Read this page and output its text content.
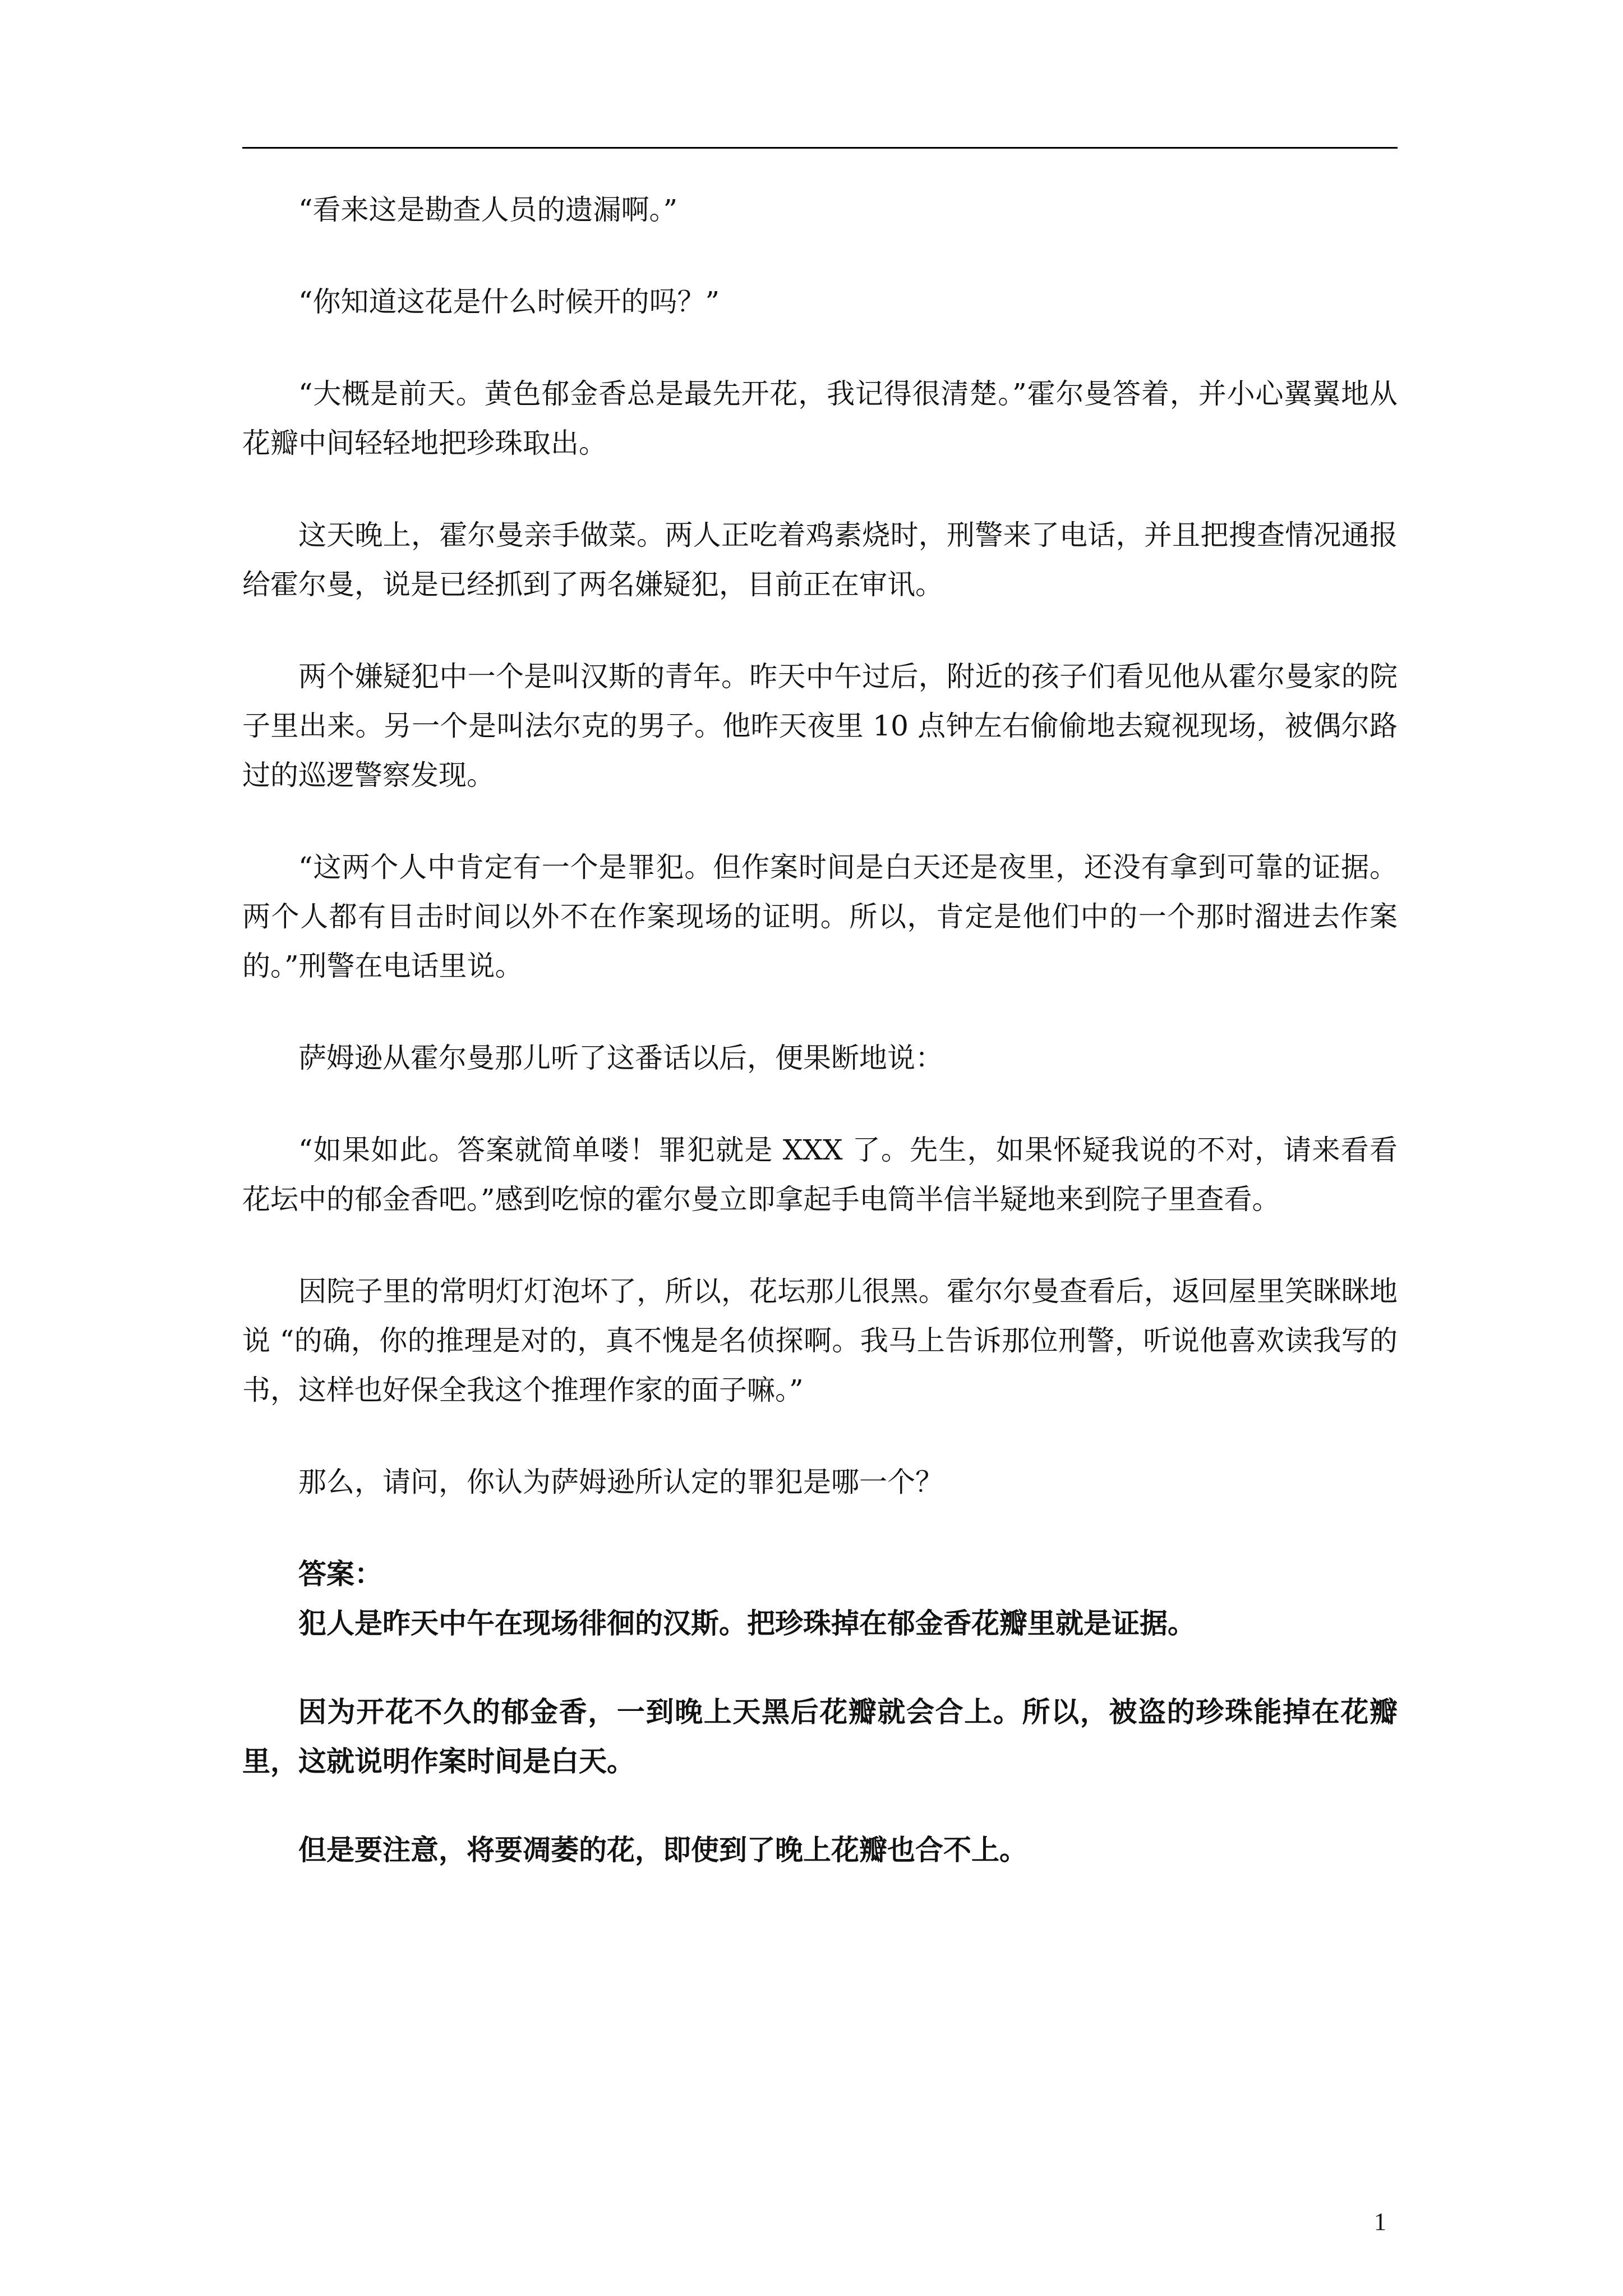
“看来这是勘查人员的遗漏啊。”

“你知道这花是什么时候开的吗？”

“大概是前天。黄色郁金香总是最先开花，我记得很清楚。”霍尔曼答着，并小心翼翼地从花瓣中间轻轻地把珍珠取出。

这天晚上，霍尔曼亲手做菜。两人正吃着鸡素烧时，刑警来了电话，并且把搜查情况通报给霍尔曼，说是已经抓到了两名嫌疑犯，目前正在审讯。

两个嫌疑犯中一个是叫汉斯的青年。昨天中午过后，附近的孩子们看见他从霍尔曼家的院子里出来。另一个是叫法尔克的男子。他昨天夜里 10 点钟左右偷偷地去窥视现场，被偶尔路过的巡逻警察发现。

“这两个人中肯定有一个是罪犯。但作案时间是白天还是夜里，还没有拿到可靠的证据。两个人都有目击时间以外不在作案现场的证明。所以，肯定是他们中的一个那时溜进去作案的。”刑警在电话里说。

萨姆逊从霍尔曼那儿听了这番话以后，便果断地说：

“如果如此。答案就简单喽！罪犯就是 XXX 了。先生，如果怀疑我说的不对，请来看看花坛中的郁金香吧。”感到吃惊的霍尔曼立即拿起手电筒半信半疑地来到院子里查看。

因院子里的常明灯灯泡坏了，所以，花坛那儿很黑。霍尔尔曼查看后，返回屋里笑眯眯地说 “的确，你的推理是对的，真不愧是名侦探啊。我马上告诉那位刑警，听说他喜欢读我写的书，这样也好保全我这个推理作家的面子嘛。”

那么，请问，你认为萨姆逊所认定的罪犯是哪一个？

答案：

犯人是昨天中午在现场徘徊的汉斯。把珍珠掉在郁金香花瓣里就是证据。

因为开花不久的郁金香，一到晚上天黑后花瓣就会合上。所以，被盗的珍珠能掉在花瓣里，这就说明作案时间是白天。

但是要注意，将要凋萎的花，即使到了晚上花瓣也合不上。

1
